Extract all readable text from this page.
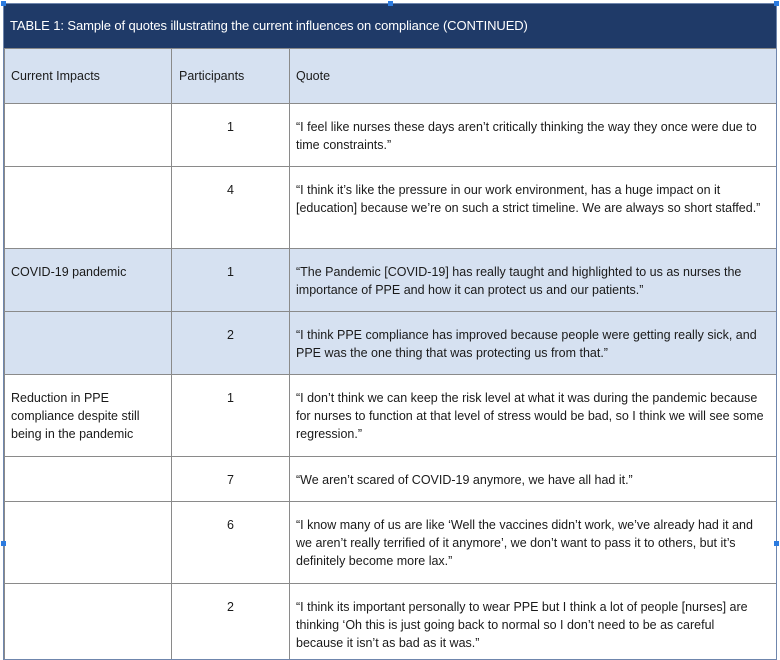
TABLE 1: Sample of quotes illustrating the current influences on compliance (CONTINUED)
Current Impacts	Participants	Quote
	1	“I feel like nurses these days aren’t critically thinking the way they once were due to time constraints.”
	4	“I think it’s like the pressure in our work environment, has a huge impact on it [education] because we’re on such a strict timeline. We are always so short staffed.”
COVID-19 pandemic	1	“The Pandemic [COVID-19] has really taught and highlighted to us as nurses the importance of PPE and how it can protect us and our patients.”
	2	“I think PPE compliance has improved because people were getting really sick, and PPE was the one thing that was protecting us from that.”
Reduction in PPE compliance despite still being in the pandemic	1	“I don’t think we can keep the risk level at what it was during the pandemic because for nurses to function at that level of stress would be bad, so I think we will see some regression.”
	7	“We aren’t scared of COVID-19 anymore, we have all had it.”
	6	“I know many of us are like ‘Well the vaccines didn’t work, we’ve already had it and we aren’t really terrified of it anymore’, we don’t want to pass it to others, but it’s definitely become more lax.”
	2	“I think its important personally to wear PPE but I think a lot of people [nurses] are thinking ‘Oh this is just going back to normal so I don’t need to be as careful because it isn’t as bad as it was.”
